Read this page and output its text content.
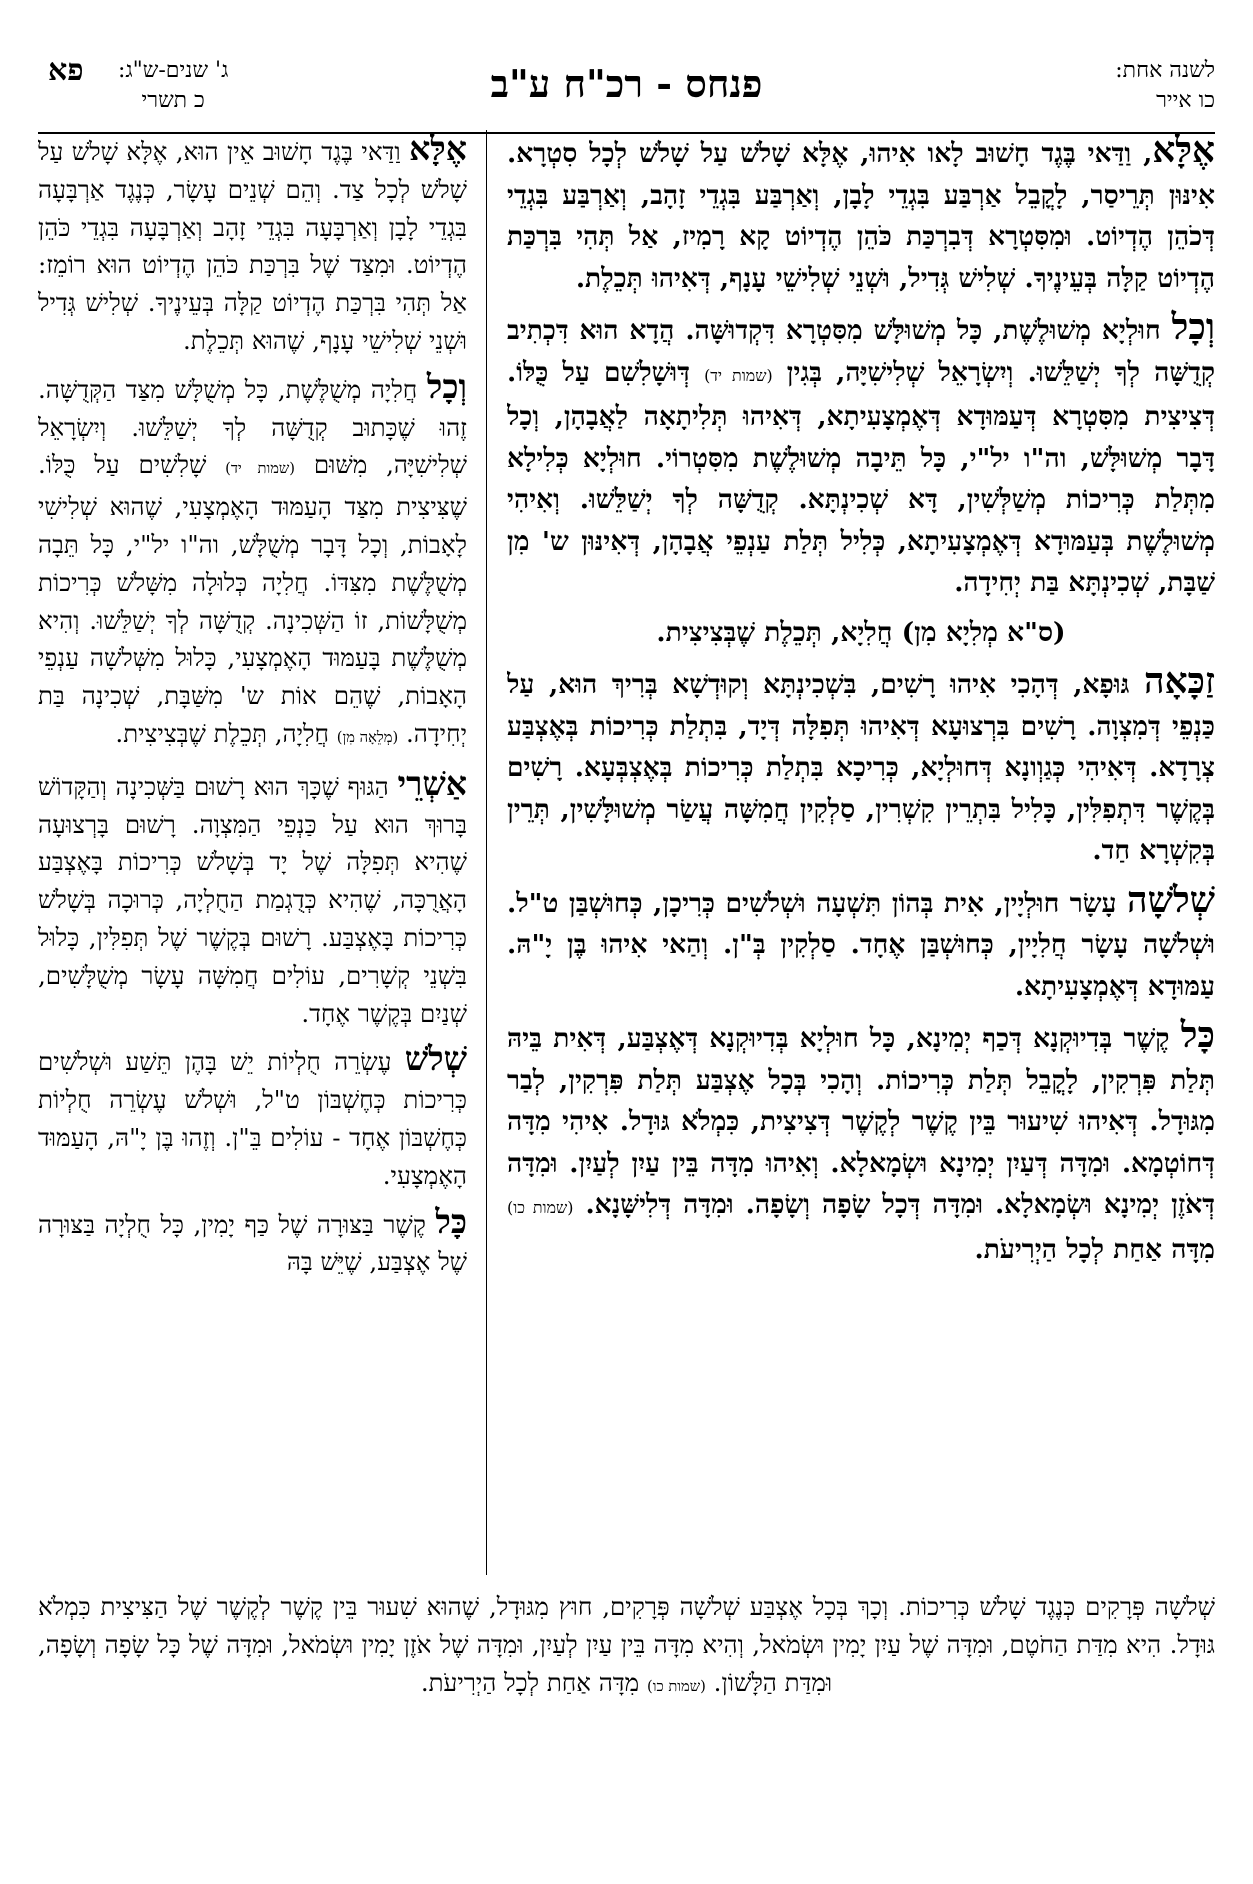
לשנה אחת:
כו אייר
פנחס - רכ"ח ע"ב
ג' שנים-ש"ג:
כ תשרי
פא

אֶלָּא, וַדַּאי בֶּגֶד חָשׁוּב לָאו אִיהוּ, אֶלָּא שָׁלֹשׁ עַל שָׁלֹשׁ לְכָל סִטְרָא. אִינּוּן תְּרֵיסַר, לָקֳבֵל אַרְבַּע בִּגְדֵי לָבָן, וְאַרְבַּע בִּגְדֵי זָהָב, וְאַרְבַּע בִּגְדֵי דְּכֹהֵן הֶדְיוֹט. וּמִסִּטְרָא דְּבִרְכַּת כֹּהֵן הֶדְיוֹט קָא רָמִיז, אַל תְּהִי בִּרְכַּת הֶדְיוֹט קַלָּה בְּעֵינֶיךָ. שְׁלִישׁ גְּדִיל, וּשְׁנֵי שְׁלִישֵׁי עָנָף, דְּאִיהוּ תְּכֵלֶת.

וְכָל חוּלְיָא מְשׁוּלֶשֶׁת, כָּל מְשׁוּלָּשׁ מִסִּטְרָא דִּקְדוּשָּׁה. הֲדָא הוּא דִּכְתִיב קְדֻשָּׁה לְךָ יְשַׁלֵּשׁוּ. וְיִשְׂרָאֵל שְׁלִישִׁיָּה, בְּגִין (שמות יד) דְּוּשָׁלִשִׁם עַל כֻּלּוֹ. דְּצִיצִית מִסִּטְרָא דְּעַמּוּדָא דְּאֶמְצָעִיתָא, דְּאִיהוּ תְּלִיתָאָה לַאֲבָהָן, וְכָל דָּבָר מְשׁוּלָּשׁ, וה"ו יל"י, כָּל תֵּיבָה מְשׁוּלֶשֶׁת מִסִּטְרוֹי. חוּלְיָא כְּלִילָא מִתְּלַת כְּרִיכוֹת מְשַׁלְּשִׁין, דָּא שְׁכִינְתָּא. קְדֻשָּׁה לְךָ יְשַׁלֵּשׁוּ. וְאִיהִי מְשׁוּלֶשֶׁת בְּעַמּוּדָא דְּאֶמְצָעִיתָא, כְּלִיל תְּלַת עַנְפֵי אֲבָהָן, דְּאִינּוּן ש' מִן שַׁבָּת, שְׁכִינְתָּא בַּת יְחִידָה.

(ס"א מְלִיָא מִן) חֲלִיָא, תְּכֵלֶת שֶׁבְּצִיצִית.

זַכָּאָה גּוּפָא, דְּהָכִי אִיהוּ רָשִׁים, בִּשְׁכִינְתָּא וְקוּדְשָׁא בְּרִיךְ הוּא, עַל כַּנְפֵי דְּמִצְוָה. רָשִׁים בִּרְצוּעָא דְּאִיהוּ תְּפִלָּה דְּיָד, בִּתְלַת כְּרִיכוֹת בְּאֶצְבַּע צְרָדָא. דְּאִיהִי כְּגַוְונָא דְּחוּלְיָא, כְּרִיכָא בִּתְלַת כְּרִיכוֹת בְּאֶצְבְּעָא. רָשִׁים בְּקֶשֶׁר דִּתְפִלִּין, כָּלִיל בִּתְרֵין קִשְׁרִין, סַלְקִין חֲמִשָּׁה עֲשַׂר מְשׁוּלָּשִׁין, תְּרֵין בְּקִשְׁרָא חַד.

שְׁלֹשָׁה עָשָׂר חוּלְיָין, אִית בְּהוֹן תִּשְׁעָה וּשְׁלֹשִׁים כְּרִיכָן, כְּחוּשְׁבַּן ט"ל. וּשְׁלֹשָׁה עָשָׂר חֲלִיָין, כְּחוּשְׁבַּן אֶחָד. סַלְקִין בְּ"ן. וְהַאי אִיהוּ בֶּן יָ"הּ. עַמּוּדָא דְּאֶמְצָעִיתָא.

כָּל קֶשֶׁר בְּדִיוּקְנָא דְּכַף יְמִינָא, כָּל חוּלְיָא בְּדִיוּקְנָא דְּאֶצְבַּע, דְּאִית בֵּיהּ תְּלַת פִּרְקִין, לָקֳבֵל תְּלַת כְּרִיכוֹת. וְהָכִי בְּכָל אֶצְבַּע תְּלַת פִּרְקִין, לְבַר מִגּוּדָל. דְּאִיהוּ שִׁיעוּר בֵּין קֶשֶׁר לְקֶשֶׁר דְּצִיצִית, כִּמְלֹא גּוּדָל. אִיהִי מִדָּה דְּחוֹטְמָא. וּמִדָּה דְּעַיִן יְמִינָא וּשְׂמָאלָא. וְאִיהוּ מִדָּה בֵּין עַיִן לְעַיִן. וּמִדָּה דְּאֹזֶן יְמִינָא וּשְׂמָאלָא. וּמִדָּה דְּכָל שָׂפָה וְשָׂפָה. וּמִדָּה דְּלִישָּׁנָא. (שמות כו) מִדָּה אַחַת לְכָל הַיְרִיעֹת.

אֶלָּא וַדַּאי בֶּגֶד חָשׁוּב אֵין הוּא, אֶלָּא שָׁלֹשׁ עַל שָׁלֹשׁ לְכָל צַד. וְהֵם שְׁנֵים עָשָׂר, כְּנֶגֶד אַרְבָּעָה בִּגְדֵי לָבָן וְאַרְבָּעָה בִּגְדֵי זָהָב וְאַרְבָּעָה בִּגְדֵי כֹּהֵן הֶדְיוֹט. וּמִצַּד שֶׁל בִּרְכַּת כֹּהֵן הֶדְיוֹט הוּא רוֹמֵז: אַל תְּהִי בִּרְכַּת הֶדְיוֹט קַלָּה בְּעֵינֶיךָ. שְׁלִישׁ גְּדִיל וּשְׁנֵי שְׁלִישֵׁי עָנָף, שֶׁהוּא תְּכֵלֶת.

וְכָל חֲלִיָה מְשֻׁלֶּשֶׁת, כָּל מְשֻׁלָּשׁ מִצַּד הַקְּדֻשָּׁה. זֶהוּ שֶׁכָּתוּב קְדֻשָּׁה לְךָ יְשַׁלֵּשׁוּ. וְיִשְׂרָאֵל שְׁלִישִׁיָּה, מִשּׁוּם (שמות יד) שָׁלִשִׁים עַל כֻּלּוֹ. שֶׁצִּיצִית מִצַּד הָעַמּוּד הָאֶמְצָעִי, שֶׁהוּא שְׁלִישִׁי לָאָבוֹת, וְכָל דָּבָר מְשֻׁלָּשׁ, וה"ו יל"י, כָּל תֵּבָה מְשֻׁלֶּשֶׁת מִצִּדּוֹ. חֲלִיָה כְּלוּלָה מִשָּׁלֹשׁ כְּרִיכוֹת מְשֻׁלָּשׁוֹת, זוֹ הַשְּׁכִינָה. קְדֻשָּׁה לְךָ יְשַׁלֵּשׁוּ. וְהִיא מְשֻׁלֶּשֶׁת בָּעַמּוּד הָאֶמְצָעִי, כָּלוּל מִשְּׁלֹשָׁה עַנְפֵי הָאָבוֹת, שֶׁהֵם אוֹת ש' מִשַּׁבָּת, שְׁכִינָה בַּת יְחִידָה. (מְלֵאָה מִן) חֲלִיָה, תְּכֵלֶת שֶׁבְּצִיצִית.

אַשְׁרֵי הַגּוּף שֶׁכָּךְ הוּא רָשׁוּם בַּשְּׁכִינָה וְהַקָּדוֹשׁ בָּרוּךְ הוּא עַל כַּנְפֵי הַמִּצְוָה. רָשׁוּם בָּרְצוּעָה שֶׁהִיא תְּפִלָּה שֶׁל יָד בְּשָׁלֹשׁ כְּרִיכוֹת בָּאֶצְבַּע הָאֲרֻכָּה, שֶׁהִיא כְּדֻגְמַת הַחֻלְיָה, כְּרוּכָה בְּשָׁלֹשׁ כְּרִיכוֹת בָּאֶצְבַּע. רָשׁוּם בְּקֶשֶׁר שֶׁל תְּפִלִּין, כָּלוּל בִּשְׁנֵי קְשָׁרִים, עוֹלִים חֲמִשָּׁה עָשָׂר מְשֻׁלָּשִׁים, שְׁנַיִם בְּקֶשֶׁר אֶחָד.

שְׁלֹשׁ עֶשְׂרֵה חֻלְיוֹת יֵשׁ בָּהֶן תֵּשַׁע וּשְׁלֹשִׁים כְּרִיכוֹת כְּחֶשְׁבּוֹן ט"ל, וּשְׁלֹשׁ עֶשְׂרֵה חֻלְיוֹת כְּחֶשְׁבּוֹן אֶחָד - עוֹלִים בֵּ"ן. וְזֶהוּ בֶּן יָ"הּ, הָעַמּוּד הָאֶמְצָעִי.

כָּל קֶשֶׁר בַּצּוּרָה שֶׁל כַּף יָמִין, כָּל חֻלְיָה בַּצּוּרָה שֶׁל אֶצְבַּע, שֶׁיֵּשׁ בָּהּ

שְׁלֹשָׁה פְּרָקִים כְּנֶגֶד שָׁלֹשׁ כְּרִיכוֹת. וְכָךְ בְּכָל אֶצְבַּע שְׁלֹשָׁה פְּרָקִים, חוּץ מִגּוּדָל, שֶׁהוּא שִׁעוּר בֵּין קֶשֶׁר לְקֶשֶׁר שֶׁל הַצִּיצִית כִּמְלֹא גּוּדָל. הִיא מִדַּת הַחֹטֶם, וּמִדָּה שֶׁל עַיִן יָמִין וּשְׂמֹאל, וְהִיא מִדָּה בֵּין עַיִן לְעַיִן, וּמִדָּה שֶׁל אֹזֶן יָמִין וּשְׂמֹאל, וּמִדָּה שֶׁל כָּל שָׂפָה וְשָׂפָה, וּמִדַּת הַלָּשׁוֹן. (שמות כו) מִדָּה אַחַת לְכָל הַיְרִיעֹת.
